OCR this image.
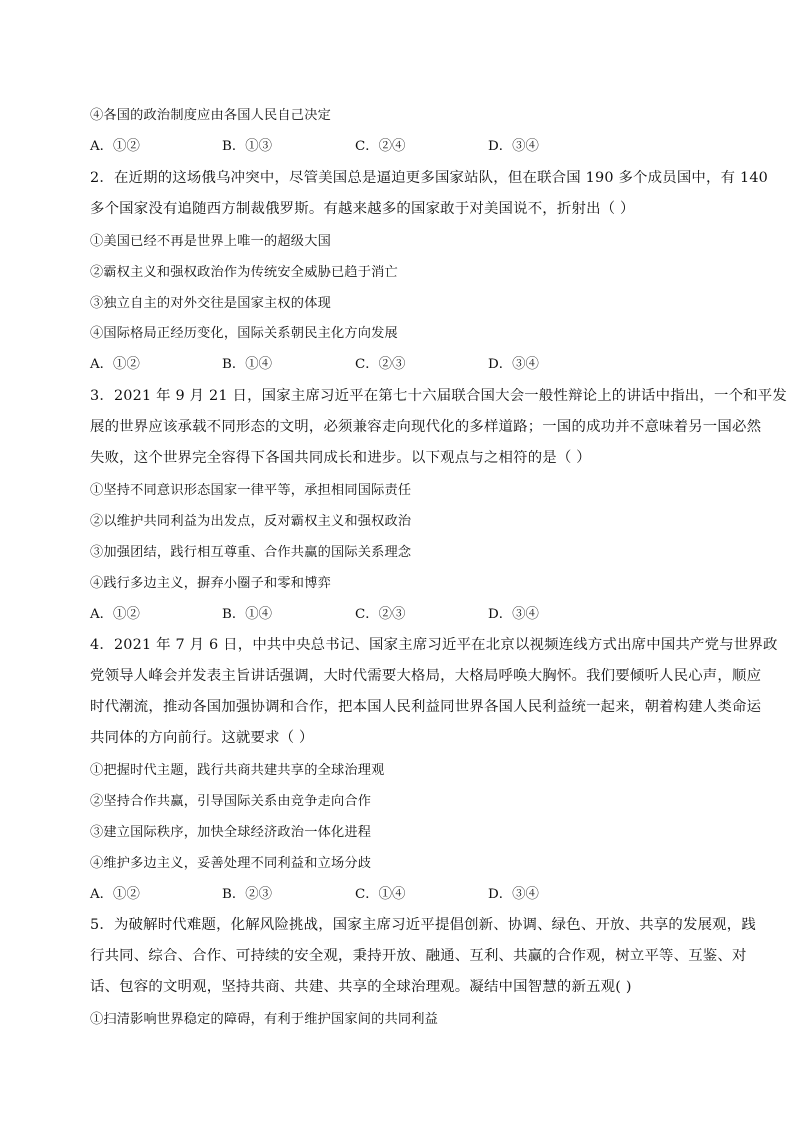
④各国的政治制度应由各国人民自己决定
A．①②	B．①③	C．②④	D．③④
2．在近期的这场俄乌冲突中，尽管美国总是逼迫更多国家站队，但在联合国 190 多个成员国中，有 140
多个国家没有追随西方制裁俄罗斯。有越来越多的国家敢于对美国说不，折射出（ ）
①美国已经不再是世界上唯一的超级大国
②霸权主义和强权政治作为传统安全威胁已趋于消亡
③独立自主的对外交往是国家主权的体现
④国际格局正经历变化，国际关系朝民主化方向发展
A．①②	B．①④	C．②③	D．③④
3．2021 年 9 月 21 日，国家主席习近平在第七十六届联合国大会一般性辩论上的讲话中指出，一个和平发
展的世界应该承载不同形态的文明，必须兼容走向现代化的多样道路；一国的成功并不意味着另一国必然
失败，这个世界完全容得下各国共同成长和进步。以下观点与之相符的是（ ）
①坚持不同意识形态国家一律平等，承担相同国际责任
②以维护共同利益为出发点，反对霸权主义和强权政治
③加强团结，践行相互尊重、合作共赢的国际关系理念
④践行多边主义，摒弃小圈子和零和博弈
A．①②	B．①④	C．②③	D．③④
4．2021 年 7 月 6 日，中共中央总书记、国家主席习近平在北京以视频连线方式出席中国共产党与世界政
党领导人峰会并发表主旨讲话强调，大时代需要大格局，大格局呼唤大胸怀。我们要倾听人民心声，顺应
时代潮流，推动各国加强协调和合作，把本国人民利益同世界各国人民利益统一起来，朝着构建人类命运
共同体的方向前行。这就要求（ ）
①把握时代主题，践行共商共建共享的全球治理观
②坚持合作共赢，引导国际关系由竞争走向合作
③建立国际秩序，加快全球经济政治一体化进程
④维护多边主义，妥善处理不同利益和立场分歧
A．①②	B．②③	C．①④	D．③④
5．为破解时代难题，化解风险挑战，国家主席习近平提倡创新、协调、绿色、开放、共享的发展观，践
行共同、综合、合作、可持续的安全观，秉持开放、融通、互利、共赢的合作观，树立平等、互鉴、对
话、包容的文明观，坚持共商、共建、共享的全球治理观。凝结中国智慧的新五观( )
①扫清影响世界稳定的障碍，有利于维护国家间的共同利益
